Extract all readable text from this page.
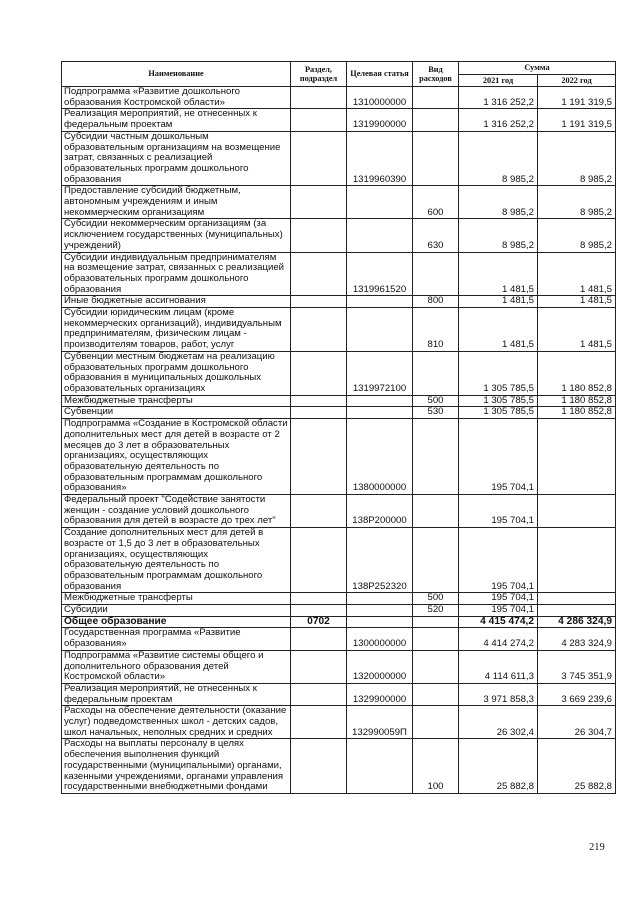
Наименование	Раздел, подраздел	Целевая статья	Вид расходов	Сумма	
				2021 год	2022 год
Подпрограмма «Развитие дошкольного образования Костромской области»		1310000000		1 316 252,2	1 191 319,5
Реализация мероприятий, не отнесенных к федеральным проектам		1319900000		1 316 252,2	1 191 319,5
Субсидии частным дошкольным образовательным организациям на возмещение затрат, связанных с реализацией образовательных программ дошкольного образования		1319960390		8 985,2	8 985,2
Предоставление субсидий бюджетным, автономным учреждениям и иным некоммерческим организациям			600	8 985,2	8 985,2
Субсидии некоммерческим организациям (за исключением государственных (муниципальных) учреждений)			630	8 985,2	8 985,2
Субсидии индивидуальным предпринимателям на возмещение затрат, связанных с реализацией образовательных программ дошкольного образования		1319961520		1 481,5	1 481,5
Иные бюджетные ассигнования			800	1 481,5	1 481,5
Субсидии юридическим лицам (кроме некоммерческих организаций), индивидуальным предпринимателям, физическим лицам - производителям товаров, работ, услуг			810	1 481,5	1 481,5
Субвенции местным бюджетам на реализацию образовательных программ дошкольного образования в муниципальных дошкольных образовательных организациях		1319972100		1 305 785,5	1 180 852,8
Межбюджетные трансферты			500	1 305 785,5	1 180 852,8
Субвенции			530	1 305 785,5	1 180 852,8
Подпрограмма «Создание в Костромской области дополнительных мест для детей в возрасте от 2 месяцев до 3 лет в образовательных организациях, осуществляющих образовательную деятельность по образовательным программам дошкольного образования»		1380000000		195 704,1	
Федеральный проект "Содействие занятости женщин - создание условий дошкольного образования для детей в возрасте до трех лет"		138P200000		195 704,1	
Создание дополнительных мест для детей в возрасте от 1,5 до 3 лет в образовательных организациях, осуществляющих образовательную деятельность по образовательным программам дошкольного образования		138P252320		195 704,1	
Межбюджетные трансферты			500	195 704,1	
Субсидии			520	195 704,1	
Общее образование	0702			4 415 474,2	4 286 324,9
Государственная программа «Развитие образования»		1300000000		4 414 274,2	4 283 324,9
Подпрограмма «Развитие системы общего и дополнительного образования детей Костромской области»		1320000000		4 114 611,3	3 745 351,9
Реализация мероприятий, не отнесенных к федеральным проектам		1329900000		3 971 858,3	3 669 239,6
Расходы на обеспечение деятельности (оказание услуг) подведомственных школ - детских садов, школ начальных, неполных средних и средних		132990059П		26 302,4	26 304,7
Расходы на выплаты персоналу в целях обеспечения выполнения функций государственными (муниципальными) органами, казенными учреждениями, органами управления государственными внебюджетными фондами			100	25 882,8	25 882,8
219
